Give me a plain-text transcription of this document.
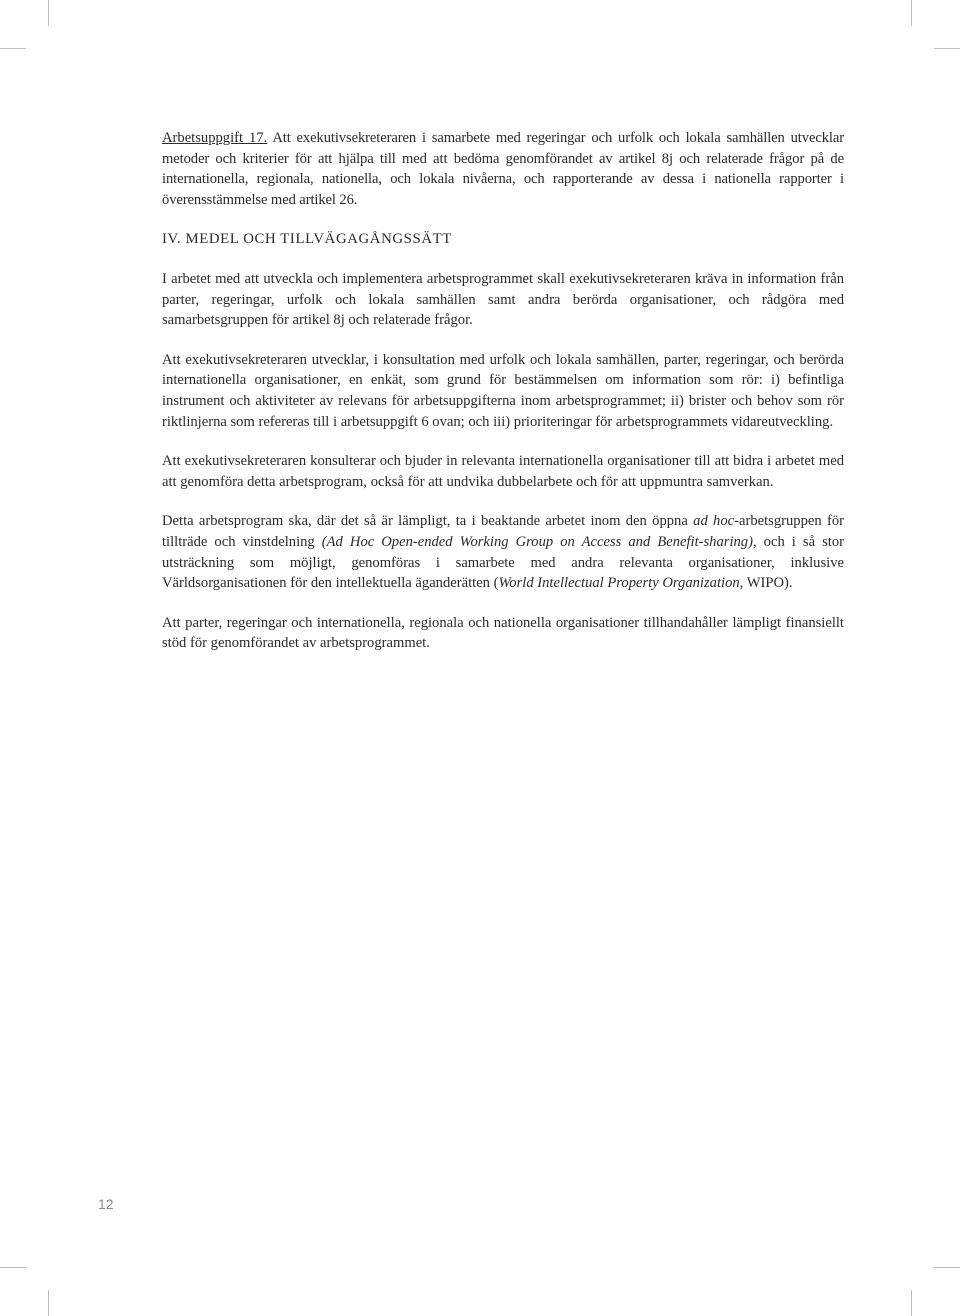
Arbetsuppgift 17. Att exekutivsekreteraren i samarbete med regeringar och urfolk och lokala samhällen utvecklar metoder och kriterier för att hjälpa till med att bedöma genomförandet av artikel 8j och relaterade frågor på de internationella, regionala, nationella, och lokala nivåerna, och rapporterande av dessa i nationella rapporter i överensstämmelse med artikel 26.

IV. MEDEL OCH TILLVÄGAGÅNGSSÄTT

I arbetet med att utveckla och implementera arbetsprogrammet skall exekutivsekreteraren kräva in information från parter, regeringar, urfolk och lokala samhällen samt andra berörda organisationer, och rådgöra med samarbetsgruppen för artikel 8j och relaterade frågor.

Att exekutivsekreteraren utvecklar, i konsultation med urfolk och lokala samhällen, parter, regeringar, och berörda internationella organisationer, en enkät, som grund för bestämmelsen om information som rör: i) befintliga instrument och aktiviteter av relevans för arbetsuppgifterna inom arbetsprogrammet; ii) brister och behov som rör riktlinjerna som refereras till i arbetsuppgift 6 ovan; och iii) prioriteringar för arbetsprogrammets vidareutveckling.

Att exekutivsekreteraren konsulterar och bjuder in relevanta internationella organisationer till att bidra i arbetet med att genomföra detta arbetsprogram, också för att undvika dubbelarbete och för att uppmuntra samverkan.

Detta arbetsprogram ska, där det så är lämpligt, ta i beaktande arbetet inom den öppna ad hoc-arbetsgruppen för tillträde och vinstdelning (Ad Hoc Open-ended Working Group on Access and Benefit-sharing), och i så stor utsträckning som möjligt, genomföras i samarbete med andra relevanta organisationer, inklusive Världsorganisationen för den intellektuella äganderätten (World Intellectual Property Organization, WIPO).

Att parter, regeringar och internationella, regionala och nationella organisationer tillhandahåller lämpligt finansiellt stöd för genomförandet av arbetsprogrammet.

12
